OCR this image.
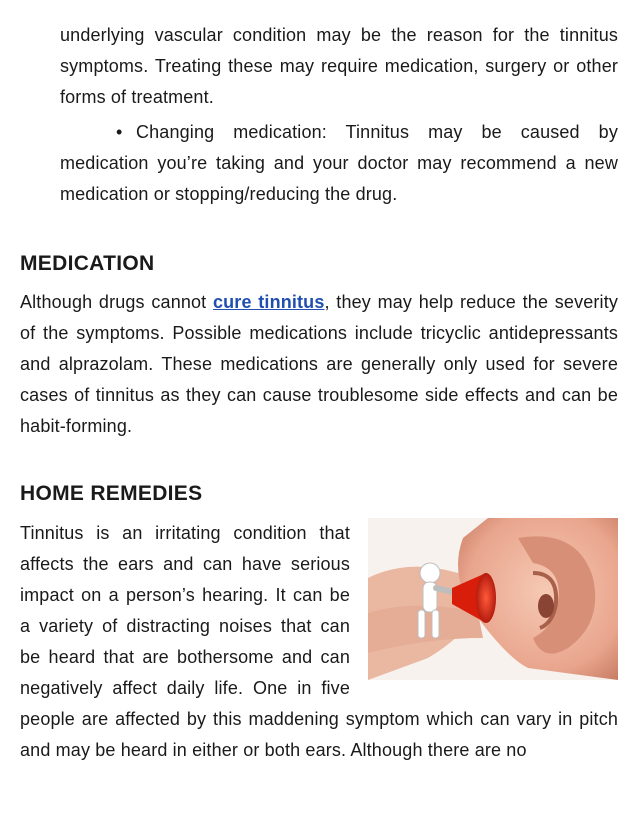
underlying vascular condition may be the reason for the tinnitus symptoms. Treating these may require medication, surgery or other forms of treatment.

• Changing medication: Tinnitus may be caused by medication you’re taking and your doctor may recommend a new medication or stopping/reducing the drug.

MEDICATION

Although drugs cannot cure tinnitus, they may help reduce the severity of the symptoms. Possible medications include tricyclic antidepressants and alprazolam. These medications are generally only used for severe cases of tinnitus as they can cause troublesome side effects and can be habit-forming.

HOME REMEDIES

Tinnitus is an irritating condition that affects the ears and can have serious impact on a person’s hearing. It can be a variety of distracting noises that can be heard that are bothersome and can negatively affect daily life. One in five people are affected by this maddening symptom which can vary in pitch and may be heard in either or both ears. Although there are no
